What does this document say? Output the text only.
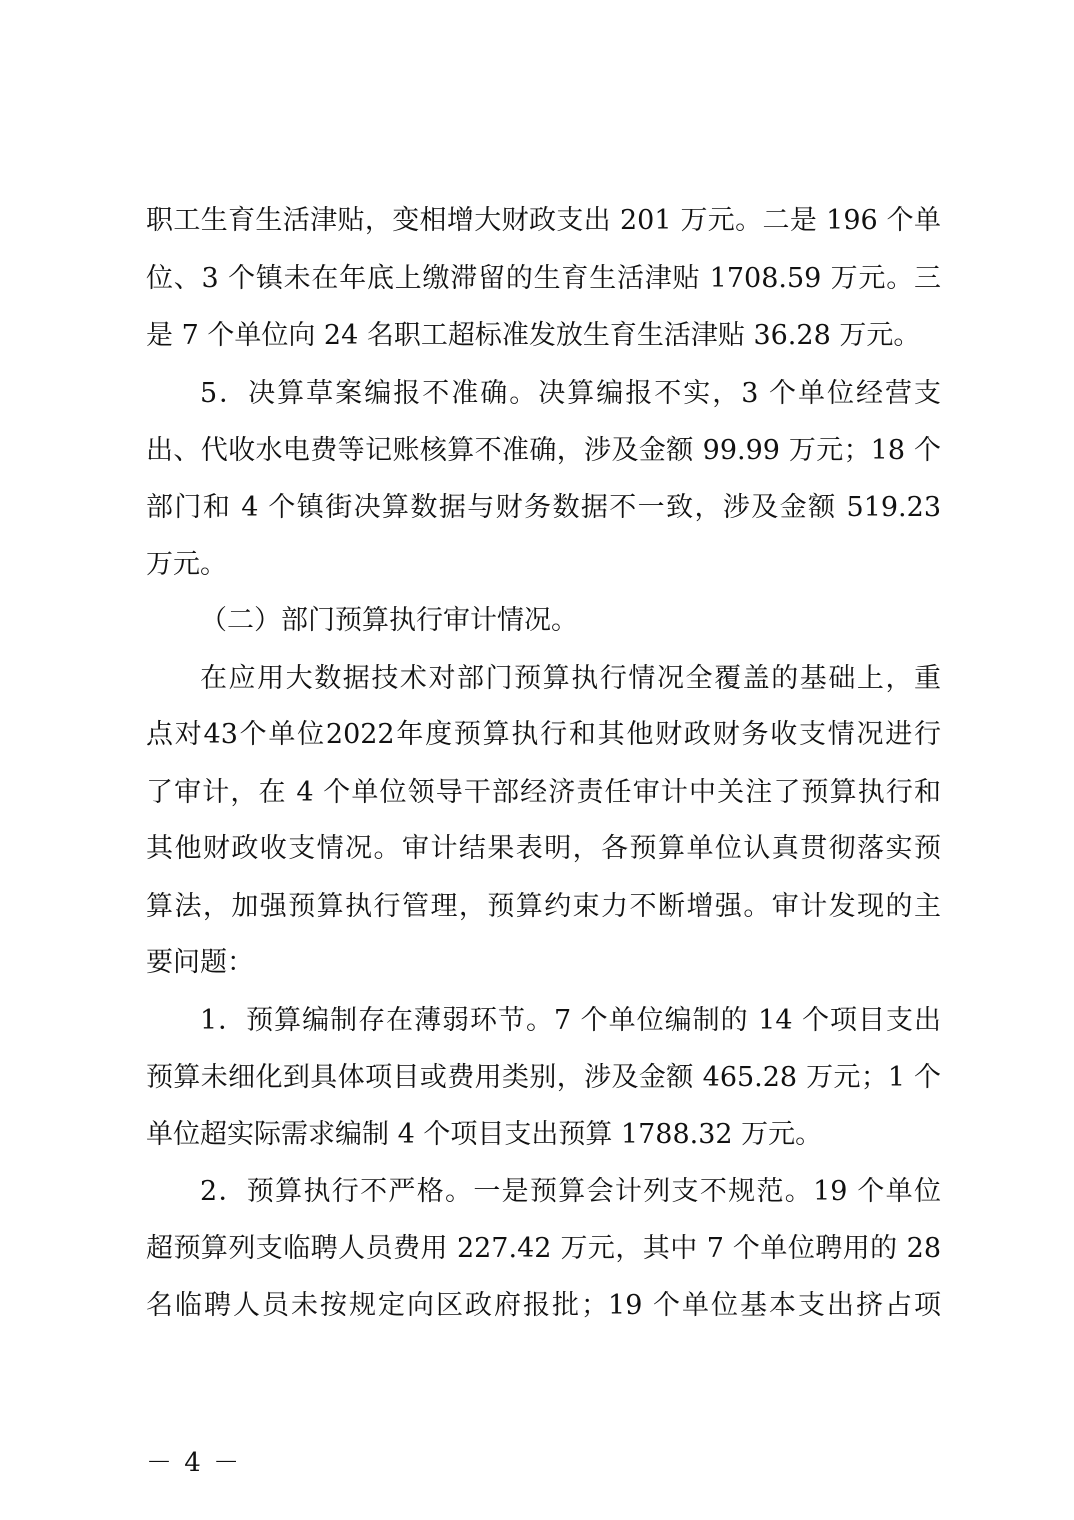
职工生育生活津贴，变相增大财政支出 201 万元。二是 196 个单
位、3 个镇未在年底上缴滞留的生育生活津贴 1708.59 万元。三
是 7 个单位向 24 名职工超标准发放生育生活津贴 36.28 万元。
5．决算草案编报不准确。决算编报不实，3 个单位经营支
出、代收水电费等记账核算不准确，涉及金额 99.99 万元；18 个
部门和 4 个镇街决算数据与财务数据不一致，涉及金额 519.23
万元。
（二）部门预算执行审计情况。
在应用大数据技术对部门预算执行情况全覆盖的基础上，重
点对43个单位2022年度预算执行和其他财政财务收支情况进行
了审计，在 4 个单位领导干部经济责任审计中关注了预算执行和
其他财政收支情况。审计结果表明，各预算单位认真贯彻落实预
算法，加强预算执行管理，预算约束力不断增强。审计发现的主
要问题：
1．预算编制存在薄弱环节。7 个单位编制的 14 个项目支出
预算未细化到具体项目或费用类别，涉及金额 465.28 万元；1 个
单位超实际需求编制 4 个项目支出预算 1788.32 万元。
2．预算执行不严格。一是预算会计列支不规范。19 个单位
超预算列支临聘人员费用 227.42 万元，其中 7 个单位聘用的 28
名临聘人员未按规定向区政府报批；19 个单位基本支出挤占项
－ 4 －
